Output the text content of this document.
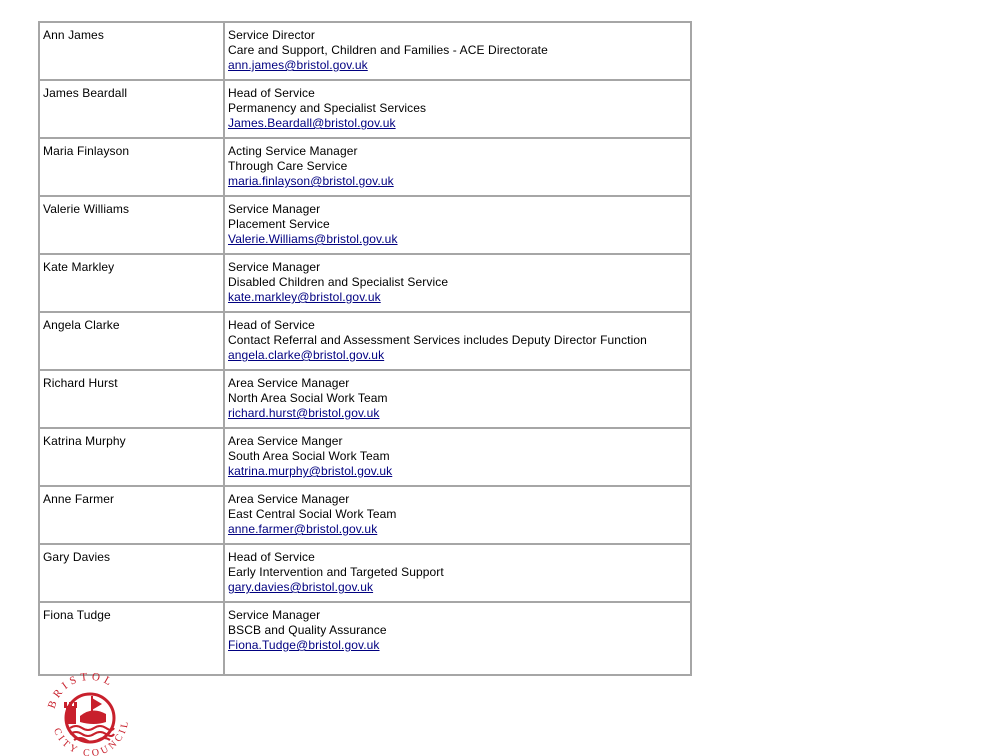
Ann James	Service Director
Care and Support, Children and Families - ACE Directorate
ann.james@bristol.gov.uk

James Beardall	Head of Service
Permanency and Specialist Services
James.Beardall@bristol.gov.uk

Maria Finlayson	Acting Service Manager
Through Care Service
maria.finlayson@bristol.gov.uk

Valerie Williams	Service Manager
Placement Service
Valerie.Williams@bristol.gov.uk

Kate Markley	Service Manager
Disabled Children and Specialist Service
kate.markley@bristol.gov.uk

Angela Clarke	Head of Service
Contact Referral and Assessment Services includes Deputy Director Function
angela.clarke@bristol.gov.uk

Richard Hurst	Area Service Manager
North Area Social Work Team
richard.hurst@bristol.gov.uk

Katrina Murphy	Area Service Manger
South Area Social Work Team
katrina.murphy@bristol.gov.uk

Anne Farmer	Area Service Manager
East Central Social Work Team
anne.farmer@bristol.gov.uk

Gary Davies	Head of Service
Early Intervention and Targeted Support
gary.davies@bristol.gov.uk

Fiona Tudge	Service Manager
BSCB and Quality Assurance
Fiona.Tudge@bristol.gov.uk
BRISTOL
CITY COUNCIL
